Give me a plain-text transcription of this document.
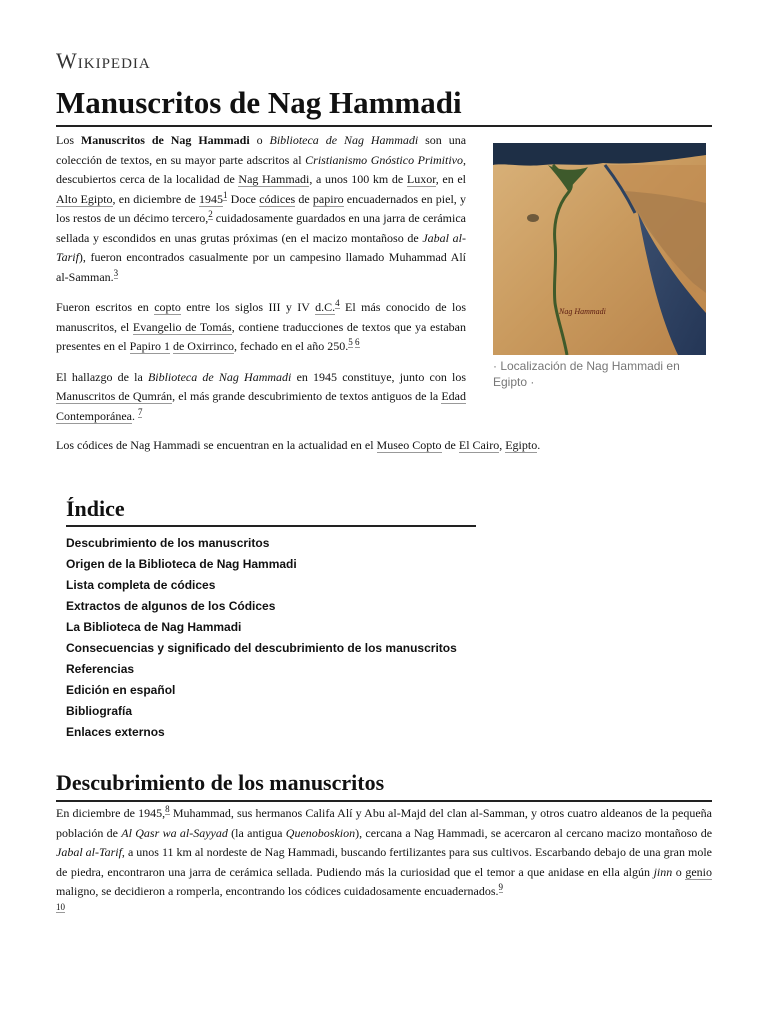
Wikipedia
Manuscritos de Nag Hammadi

Los Manuscritos de Nag Hammadi o Biblioteca de Nag Hammadi son una colección de textos, en su mayor parte adscritos al Cristianismo Gnóstico Primitivo, descubiertos cerca de la localidad de Nag Hammadi, a unos 100 km de Luxor, en el Alto Egipto, en diciembre de 1945$^1$ Doce códices de papiro encuadernados en piel, y los restos de un décimo tercero,$^2$ cuidadosamente guardados en una jarra de cerámica sellada y escondidos en unas grutas próximas (en el macizo montañoso de Jabal al-Tarif), fueron encontrados casualmente por un campesino llamado Muhammad Alí al-Samman.$^3$

Fueron escritos en copto entre los siglos III y IV d.C.$^4$ El más conocido de los manuscritos, el Evangelio de Tomás, contiene traducciones de textos que ya estaban presentes en el Papiro 1 de Oxirrinco, fechado en el año 250.$^{5 6}$

El hallazgo de la Biblioteca de Nag Hammadi en 1945 constituye, junto con los Manuscritos de Qumrán, el más grande descubrimiento de textos antiguos de la Edad Contemporánea. $^7$

Los códices de Nag Hammadi se encuentran en la actualidad en el Museo Copto de El Cairo, Egipto.

Nag Hammadi
· Localización de Nag Hammadi en Egipto ·
Índice
Descubrimiento de los manuscritos
Origen de la Biblioteca de Nag Hammadi
Lista completa de códices
Extractos de algunos de los Códices
La Biblioteca de Nag Hammadi
Consecuencias y significado del descubrimiento de los manuscritos
Referencias
Edición en español
Bibliografía
Enlaces externos
Descubrimiento de los manuscritos

En diciembre de 1945,$^8$ Muhammad, sus hermanos Califa Alí y Abu al-Majd del clan al-Samman, y otros cuatro aldeanos de la pequeña población de Al Qasr wa al-Sayyad (la antigua Quenoboskion), cercana a Nag Hammadi, se acercaron al cercano macizo montañoso de Jabal al-Tarif, a unos 11 km al nordeste de Nag Hammadi, buscando fertilizantes para sus cultivos. Escarbando debajo de una gran mole de piedra, encontraron una jarra de cerámica sellada. Pudiendo más la curiosidad que el temor a que anidase en ella algún jinn o genio maligno, se decidieron a romperla, encontrando los códices cuidadosamente encuadernados.$^9$
$^{10}$
